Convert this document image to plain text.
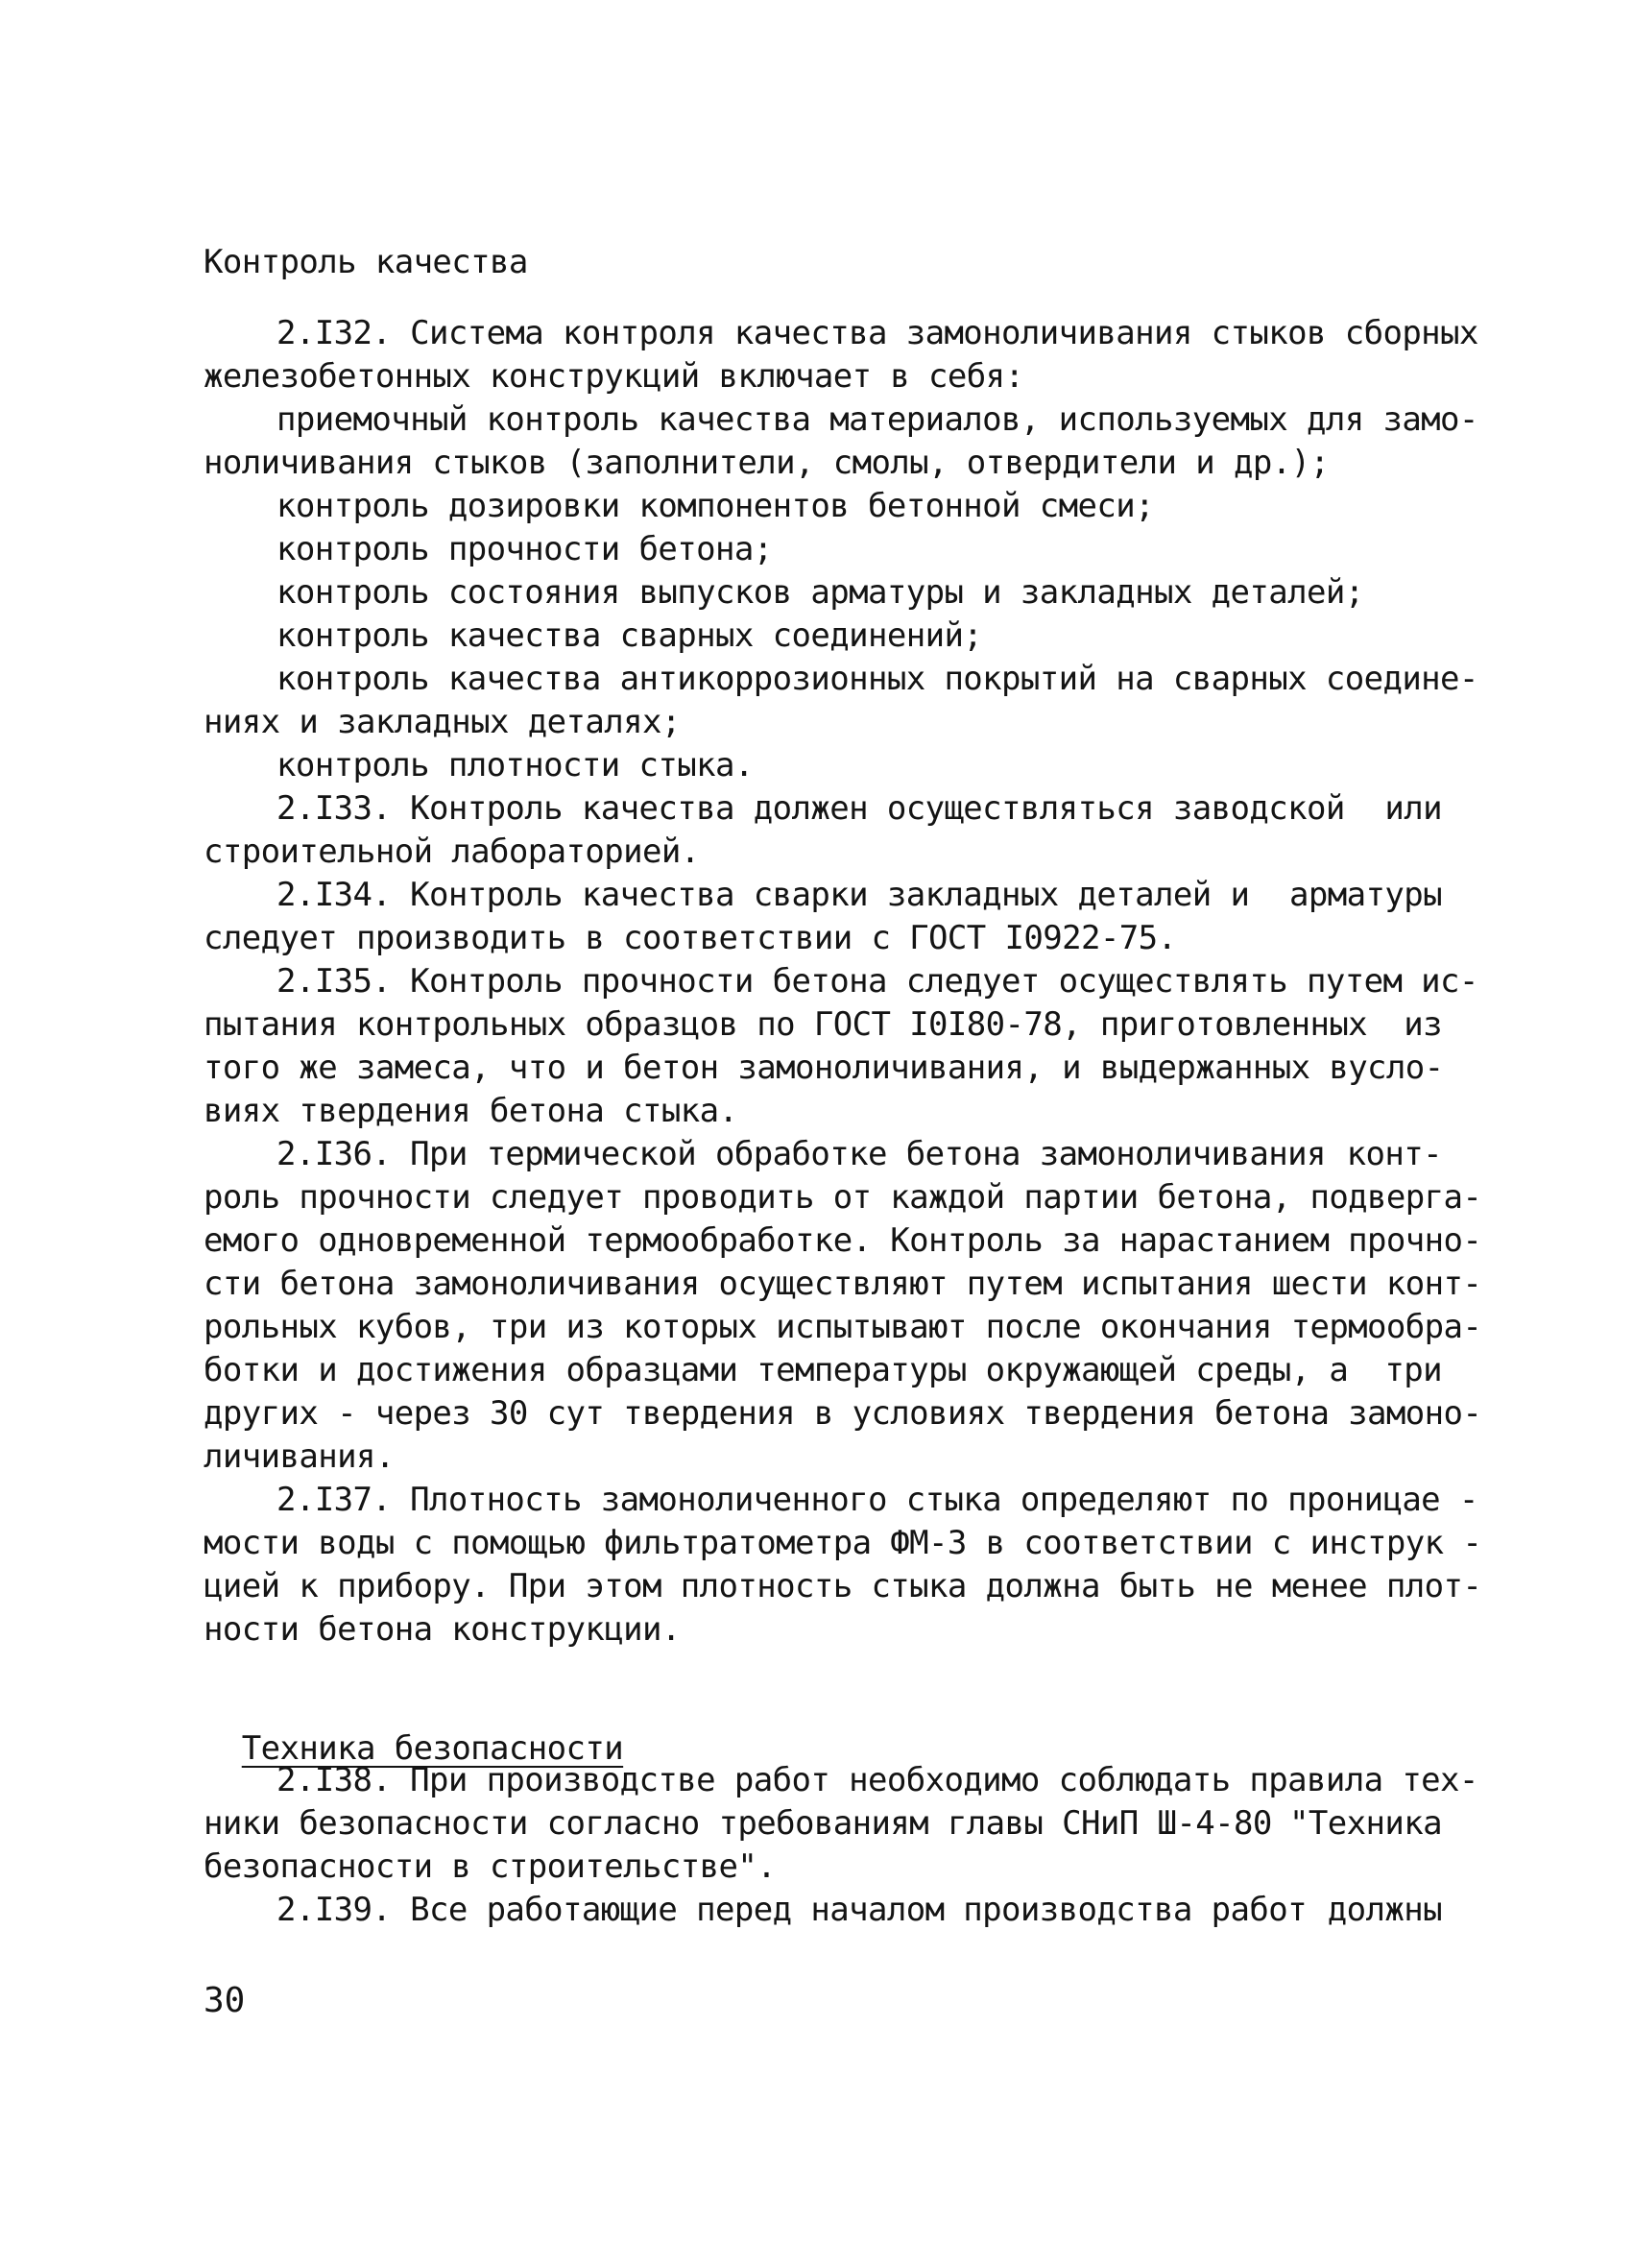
Контроль качества
2.I32. Система контроля качества замоноличивания стыков сборных
железобетонных конструкций включает в себя:
приемочный контроль качества материалов, используемых для замо-
ноличивания стыков (заполнители, смолы, отвердители и др.);
контроль дозировки компонентов бетонной смеси;
контроль прочности бетона;
контроль состояния выпусков арматуры и закладных деталей;
контроль качества сварных соединений;
контроль качества антикоррозионных покрытий на сварных соедине-
ниях и закладных деталях;
контроль плотности стыка.
2.I33. Контроль качества должен осуществляться заводской или
строительной лабораторией.
2.I34. Контроль качества сварки закладных деталей и арматуры
следует производить в соответствии с ГОСТ I0922-75.
2.I35. Контроль прочности бетона следует осуществлять путем ис-
пытания контрольных образцов по ГОСТ I0I80-78, приготовленных из
того же замеса, что и бетон замоноличивания, и выдержанных в усло-
виях твердения бетона стыка.
2.I36. При термической обработке бетона замоноличивания конт-
роль прочности следует проводить от каждой партии бетона, подверга-
емого одновременной термообработке. Контроль за нарастанием прочно-
сти бетона замоноличивания осуществляют путем испытания шести конт-
рольных кубов, три из которых испытывают после окончания термообра-
ботки и достижения образцами температуры окружающей среды, а три
других - через 30 сут твердения в условиях твердения бетона замоно-
личивания.
2.I37. Плотность замоноличенного стыка определяют по проницае -
мости воды с помощью фильтратометра ФМ-3 в соответствии с инструк -
цией к прибору. При этом плотность стыка должна быть не менее плот-
ности бетона конструкции.

Техника безопасности

2.I38. При производстве работ необходимо соблюдать правила тех-
ники безопасности согласно требованиям главы СНиП Ш-4-80 "Техника
безопасности в строительстве".
2.I39. Все работающие перед началом производства работ должны
30
